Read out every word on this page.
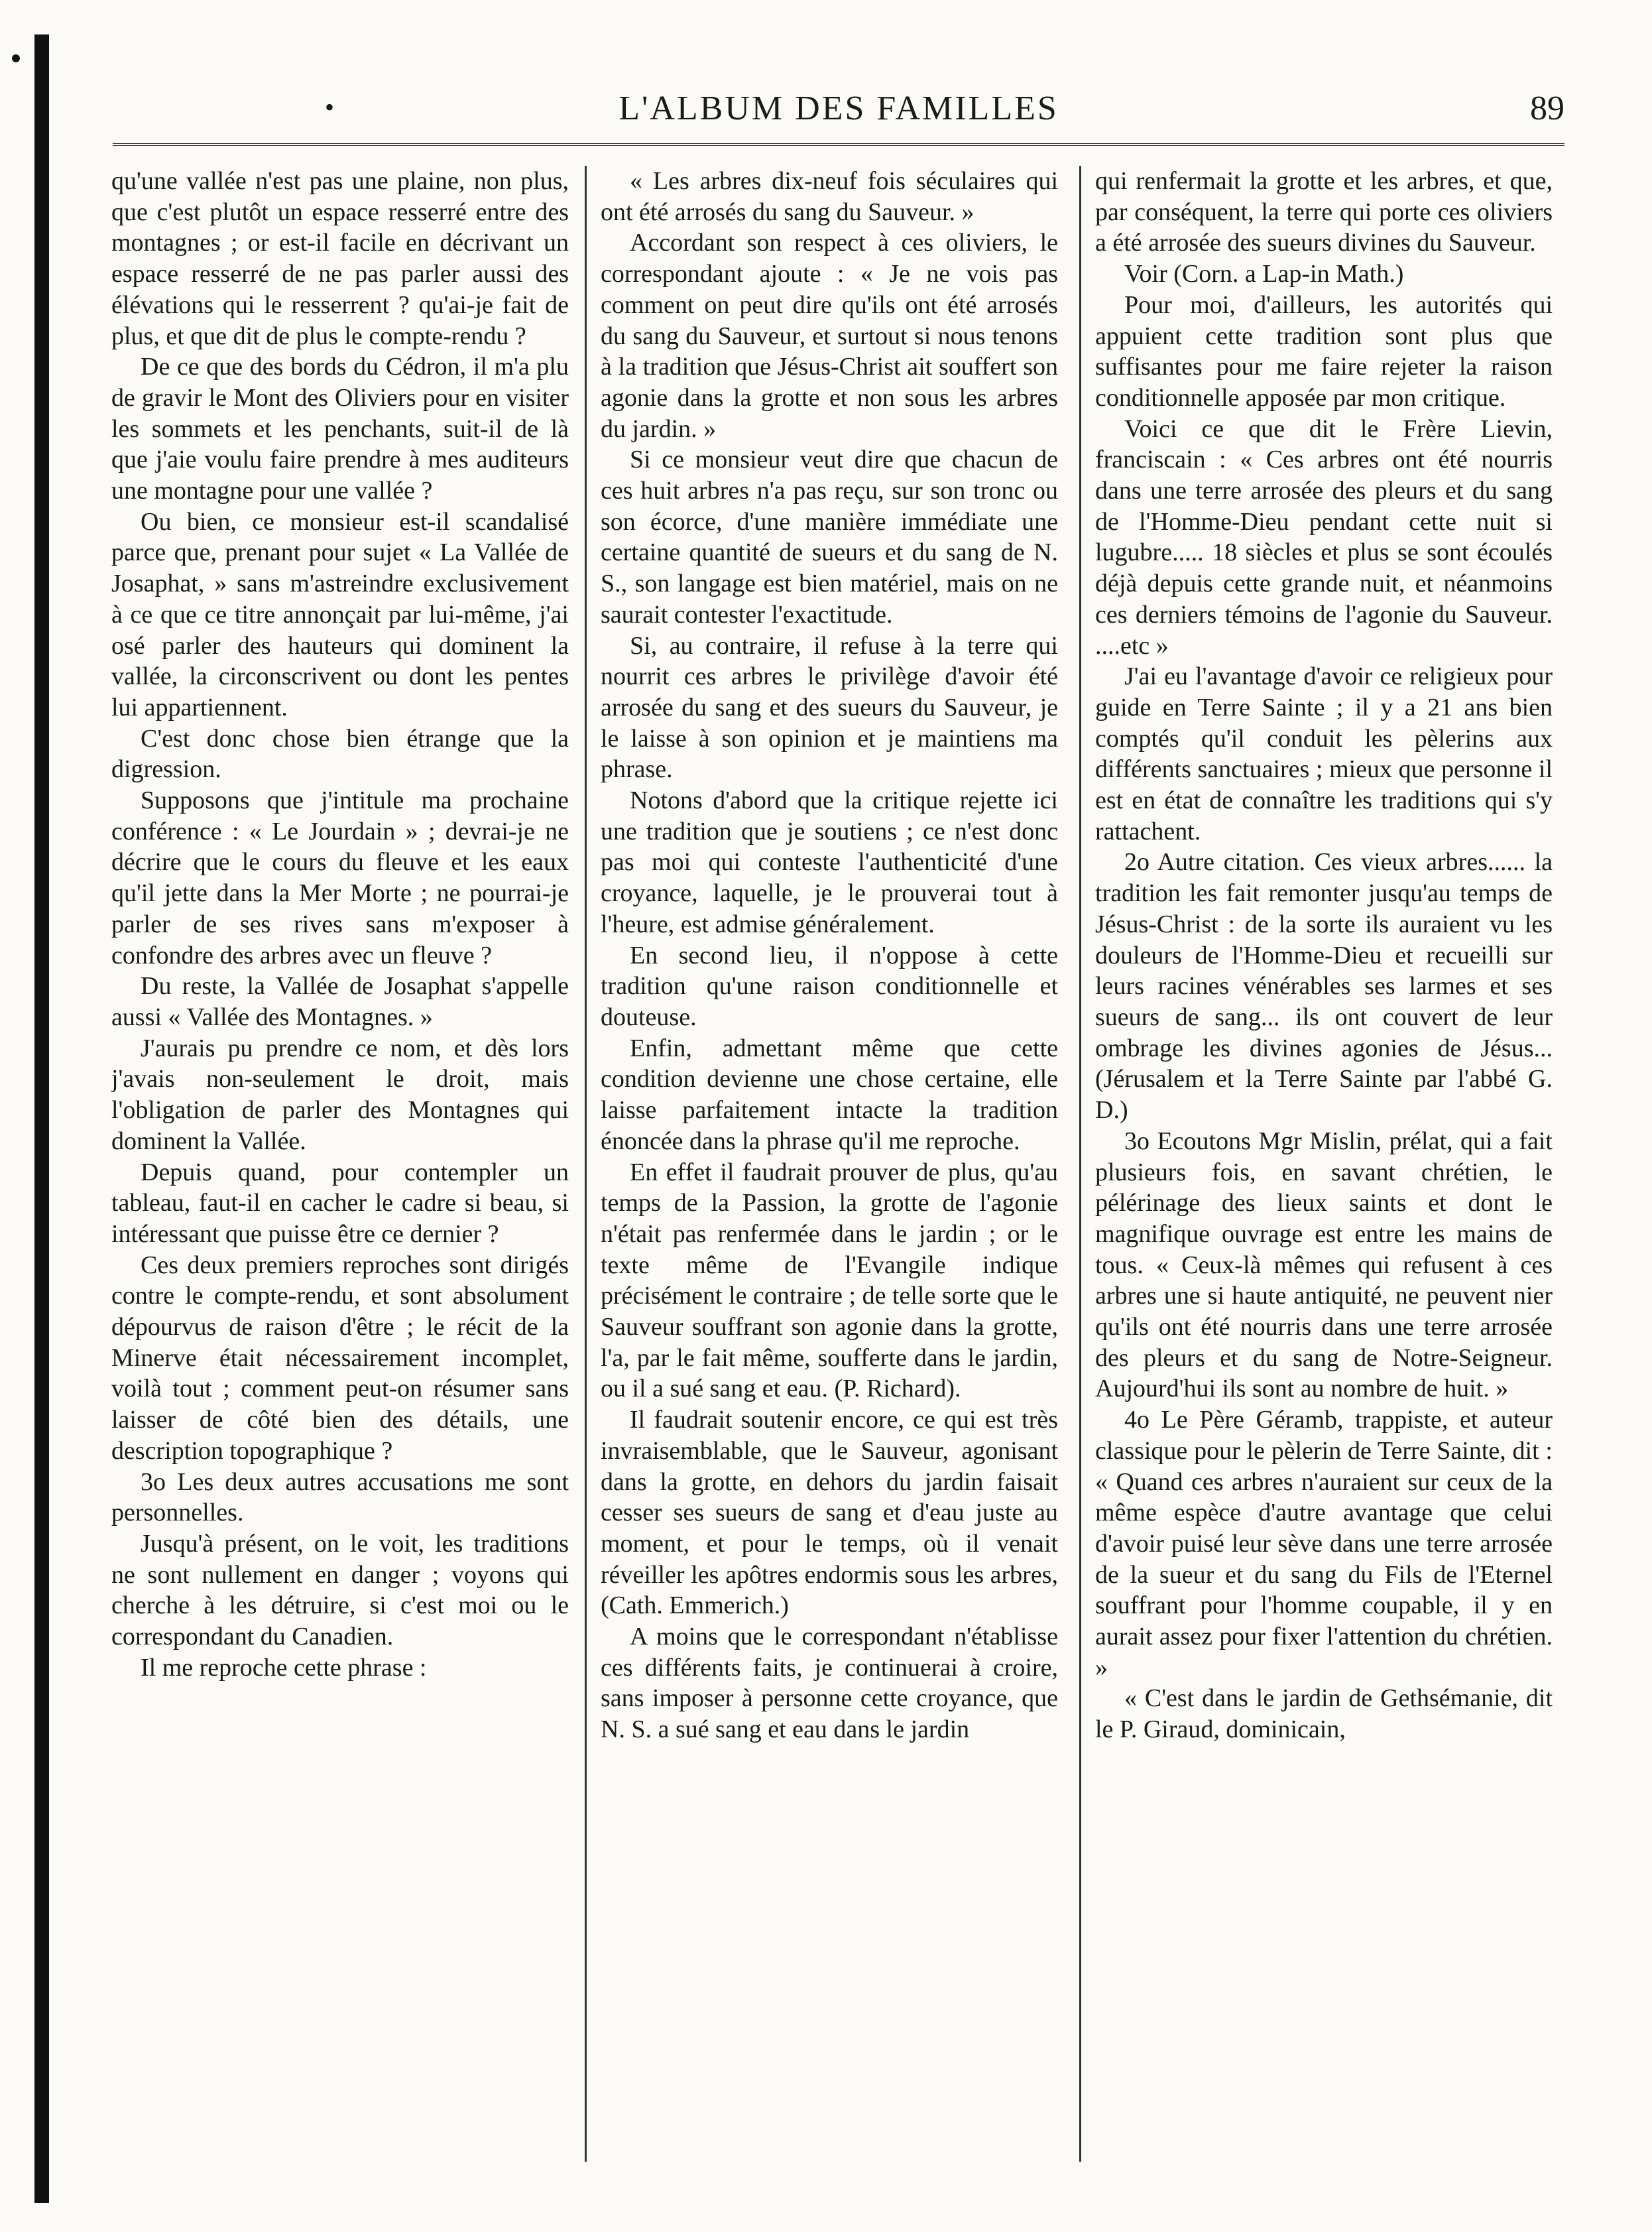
•	L'ALBUM DES FAMILLES	89

qu'une vallée n'est pas une plaine, non plus, que c'est plutôt un espace resserré entre des montagnes ; or est-il facile en décrivant un espace resserré de ne pas parler aussi des élévations qui le resserrent ? qu'ai-je fait de plus, et que dit de plus le compte-rendu ?

De ce que des bords du Cédron, il m'a plu de gravir le Mont des Oliviers pour en visiter les sommets et les penchants, suit-il de là que j'aie voulu faire prendre à mes auditeurs une montagne pour une vallée ?

Ou bien, ce monsieur est-il scandalisé parce que, prenant pour sujet « La Vallée de Josaphat, » sans m'astreindre exclusivement à ce que ce titre annonçait par lui-même, j'ai osé parler des hauteurs qui dominent la vallée, la circonscrivent ou dont les pentes lui appartiennent.

C'est donc chose bien étrange que la digression.

Supposons que j'intitule ma prochaine conférence : « Le Jourdain » ; devrai-je ne décrire que le cours du fleuve et les eaux qu'il jette dans la Mer Morte ; ne pourrai-je parler de ses rives sans m'exposer à confondre des arbres avec un fleuve ?

Du reste, la Vallée de Josaphat s'appelle aussi « Vallée des Montagnes. »

J'aurais pu prendre ce nom, et dès lors j'avais non-seulement le droit, mais l'obligation de parler des Montagnes qui dominent la Vallée.

Depuis quand, pour contempler un tableau, faut-il en cacher le cadre si beau, si intéressant que puisse être ce dernier ?

Ces deux premiers reproches sont dirigés contre le compte-rendu, et sont absolument dépourvus de raison d'être ; le récit de la Minerve était nécessairement incomplet, voilà tout ; comment peut-on résumer sans laisser de côté bien des détails, une description topographique ?

3o Les deux autres accusations me sont personnelles.

Jusqu'à présent, on le voit, les traditions ne sont nullement en danger ; voyons qui cherche à les détruire, si c'est moi ou le correspondant du Canadien.

Il me reproche cette phrase :

« Les arbres dix-neuf fois séculaires qui ont été arrosés du sang du Sauveur. »

Accordant son respect à ces oliviers, le correspondant ajoute : « Je ne vois pas comment on peut dire qu'ils ont été arrosés du sang du Sauveur, et surtout si nous tenons à la tradition que Jésus-Christ ait souffert son agonie dans la grotte et non sous les arbres du jardin. »

Si ce monsieur veut dire que chacun de ces huit arbres n'a pas reçu, sur son tronc ou son écorce, d'une manière immédiate une certaine quantité de sueurs et du sang de N. S., son langage est bien matériel, mais on ne saurait contester l'exactitude.

Si, au contraire, il refuse à la terre qui nourrit ces arbres le privilège d'avoir été arrosée du sang et des sueurs du Sauveur, je le laisse à son opinion et je maintiens ma phrase.

Notons d'abord que la critique rejette ici une tradition que je soutiens ; ce n'est donc pas moi qui conteste l'authenticité d'une croyance, laquelle, je le prouverai tout à l'heure, est admise généralement.

En second lieu, il n'oppose à cette tradition qu'une raison conditionnelle et douteuse.

Enfin, admettant même que cette condition devienne une chose certaine, elle laisse parfaitement intacte la tradition énoncée dans la phrase qu'il me reproche.

En effet il faudrait prouver de plus, qu'au temps de la Passion, la grotte de l'agonie n'était pas renfermée dans le jardin ; or le texte même de l'Evangile indique précisément le contraire ; de telle sorte que le Sauveur souffrant son agonie dans la grotte, l'a, par le fait même, soufferte dans le jardin, ou il a sué sang et eau. (P. Richard).

Il faudrait soutenir encore, ce qui est très invraisemblable, que le Sauveur, agonisant dans la grotte, en dehors du jardin faisait cesser ses sueurs de sang et d'eau juste au moment, et pour le temps, où il venait réveiller les apôtres endormis sous les arbres, (Cath. Emmerich.)

A moins que le correspondant n'établisse ces différents faits, je continuerai à croire, sans imposer à personne cette croyance, que N. S. a sué sang et eau dans le jardin

qui renfermait la grotte et les arbres, et que, par conséquent, la terre qui porte ces oliviers a été arrosée des sueurs divines du Sauveur.

Voir (Corn. a Lap-in Math.)

Pour moi, d'ailleurs, les autorités qui appuient cette tradition sont plus que suffisantes pour me faire rejeter la raison conditionnelle apposée par mon critique.

Voici ce que dit le Frère Lievin, franciscain : « Ces arbres ont été nourris dans une terre arrosée des pleurs et du sang de l'Homme-Dieu pendant cette nuit si lugubre..... 18 siècles et plus se sont écoulés déjà depuis cette grande nuit, et néanmoins ces derniers témoins de l'agonie du Sauveur. ....etc »

J'ai eu l'avantage d'avoir ce religieux pour guide en Terre Sainte ; il y a 21 ans bien comptés qu'il conduit les pèlerins aux différents sanctuaires ; mieux que personne il est en état de connaître les traditions qui s'y rattachent.

2o Autre citation. Ces vieux arbres...... la tradition les fait remonter jusqu'au temps de Jésus-Christ : de la sorte ils auraient vu les douleurs de l'Homme-Dieu et recueilli sur leurs racines vénérables ses larmes et ses sueurs de sang... ils ont couvert de leur ombrage les divines agonies de Jésus... (Jérusalem et la Terre Sainte par l'abbé G. D.)

3o Ecoutons Mgr Mislin, prélat, qui a fait plusieurs fois, en savant chrétien, le pélérinage des lieux saints et dont le magnifique ouvrage est entre les mains de tous. « Ceux-là mêmes qui refusent à ces arbres une si haute antiquité, ne peuvent nier qu'ils ont été nourris dans une terre arrosée des pleurs et du sang de Notre-Seigneur. Aujourd'hui ils sont au nombre de huit. »

4o Le Père Géramb, trappiste, et auteur classique pour le pèlerin de Terre Sainte, dit : « Quand ces arbres n'auraient sur ceux de la même espèce d'autre avantage que celui d'avoir puisé leur sève dans une terre arrosée de la sueur et du sang du Fils de l'Eternel souffrant pour l'homme coupable, il y en aurait assez pour fixer l'attention du chrétien. »

« C'est dans le jardin de Gethsémanie, dit le P. Giraud, dominicain,
